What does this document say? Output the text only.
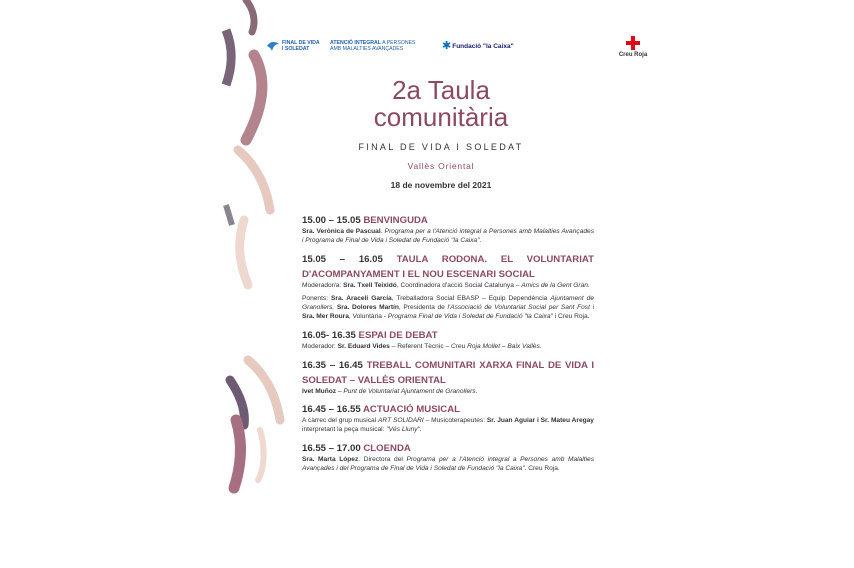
FINAL DE VIDA
I SOLEDAT
ATENCIÓ INTEGRAL A PERSONES
AMB MALALTIES AVANÇADES	✱ Fundació "la Caixa"
Creu Roja
2a Taula
comunitària
FINAL DE VIDA I SOLEDAT
Vallès Oriental
18 de novembre del 2021
15.00 – 15.05 BENVINGUDA
Sra. Verònica de Pascual. Programa per a l'Atenció integral a Persones amb Malalties Avançades i Programa de Final de Vida i Soledat de Fundació "la Caixa".
15.05 – 16.05 TAULA RODONA. EL VOLUNTARIAT D'ACOMPANYAMENT I EL NOU ESCENARI SOCIAL
Moderador/a: Sra. Txell Teixidó, Coordinadora d'acció Social Catalunya – Amics de la Gent Gran.
Ponents: Sra. Araceli García, Treballadora Social EBASP – Equip Dependència Ajuntament de Granollers. Sra. Dolores Martín, Presidenta de l'Associació de Voluntariat Social per Sant Fost i Sra. Mer Roura, Voluntària - Programa Final de Vida i Soledat de Fundació "la Caixa" i Creu Roja.
16.05- 16.35 ESPAI DE DEBAT
Moderador: Sr. Eduard Vides – Referent Tècnic – Creu Roja Mollet – Baix Vallès.
16.35 – 16.45 TREBALL COMUNITARI XARXA FINAL DE VIDA I SOLEDAT – VALLÈS ORIENTAL
Ivet Muñoz – Punt de Voluntariat Ajuntament de Granollers.
16.45 – 16.55 ACTUACIÓ MUSICAL
A càrrec del grup musical ART SOLIDARI – Musicoterapeutes: Sr. Juan Aguiar i Sr. Mateu Aregay interpretant la peça musical: "Vés Lluny".
16.55 – 17.00 CLOENDA
Sra. Marta López. Directora del Programa per a l'Atenció integral a Persones amb Malalties Avançades i del Programa de Final de Vida i Soledat de Fundació "la Caixa". Creu Roja.
